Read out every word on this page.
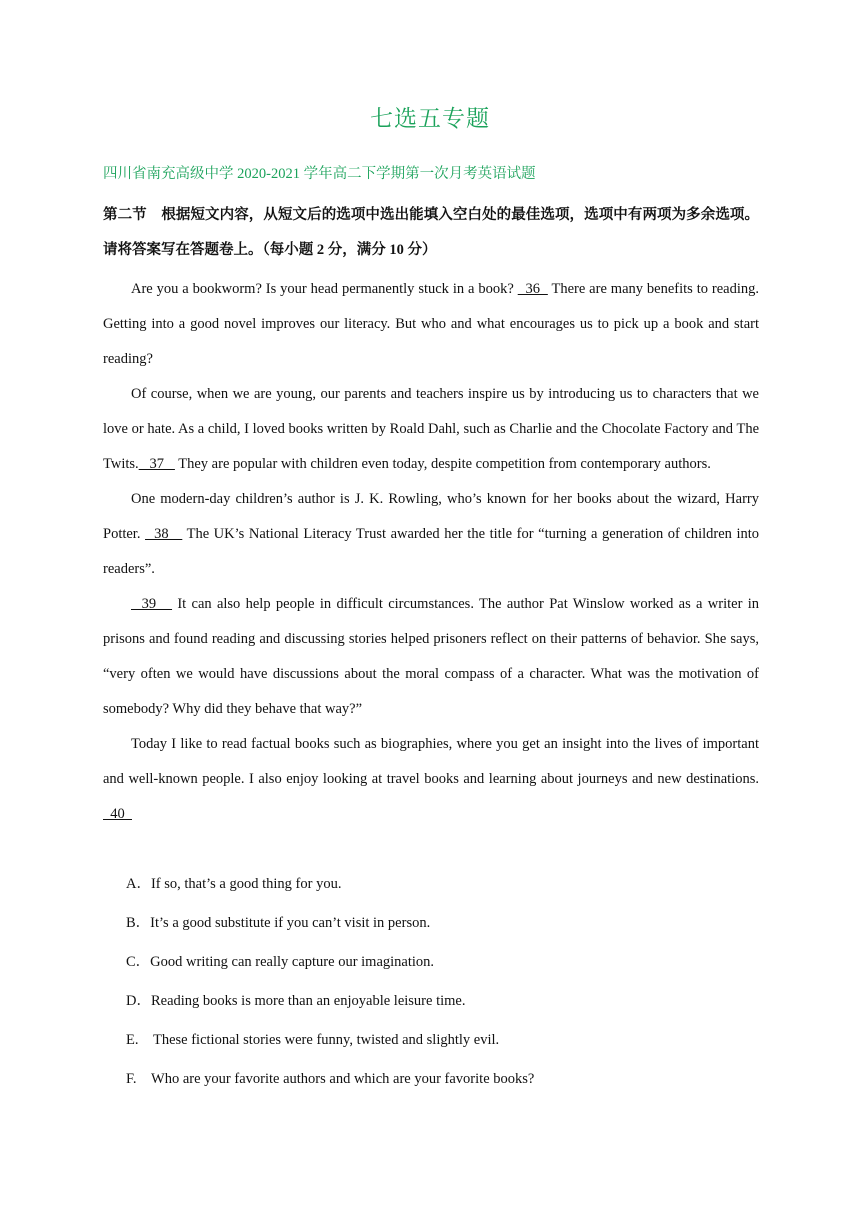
七选五专题
四川省南充高级中学 2020-2021 学年高二下学期第一次月考英语试题
第二节　根据短文内容，从短文后的选项中选出能填入空白处的最佳选项，选项中有两项为多余选项。请将答案写在答题卷上。（每小题 2 分，满分 10 分）

Are you a bookworm? Is your head permanently stuck in a book?   36   There are many benefits to reading. Getting into a good novel improves our literacy. But who and what encourages us to pick up a book and start reading?

Of course, when we are young, our parents and teachers inspire us by introducing us to characters that we love or hate. As a child, I loved books written by Roald Dahl, such as Charlie and the Chocolate Factory and The Twits.   37    They are popular with children even today, despite competition from contemporary authors.

One modern-day children’s author is J. K. Rowling, who’s known for her books about the wizard, Harry Potter.   38    The UK’s National Literacy Trust awarded her the title for “turning a generation of children into readers”.

39    It can also help people in difficult circumstances. The author Pat Winslow worked as a writer in prisons and found reading and discussing stories helped prisoners reflect on their patterns of behavior. She says, “very often we would have discussions about the moral compass of a character. What was the motivation of somebody? Why did they behave that way?”

Today I like to read factual books such as biographies, where you get an insight into the lives of important and well-known people. I also enjoy looking at travel books and learning about journeys and new destinations.   40

A．If so, that’s a good thing for you.
B．It’s a good substitute if you can’t visit in person.
C．Good writing can really capture our imagination.
D．Reading books is more than an enjoyable leisure time.
E.　These fictional stories were funny, twisted and slightly evil.
F.　Who are your favorite authors and which are your favorite books?
